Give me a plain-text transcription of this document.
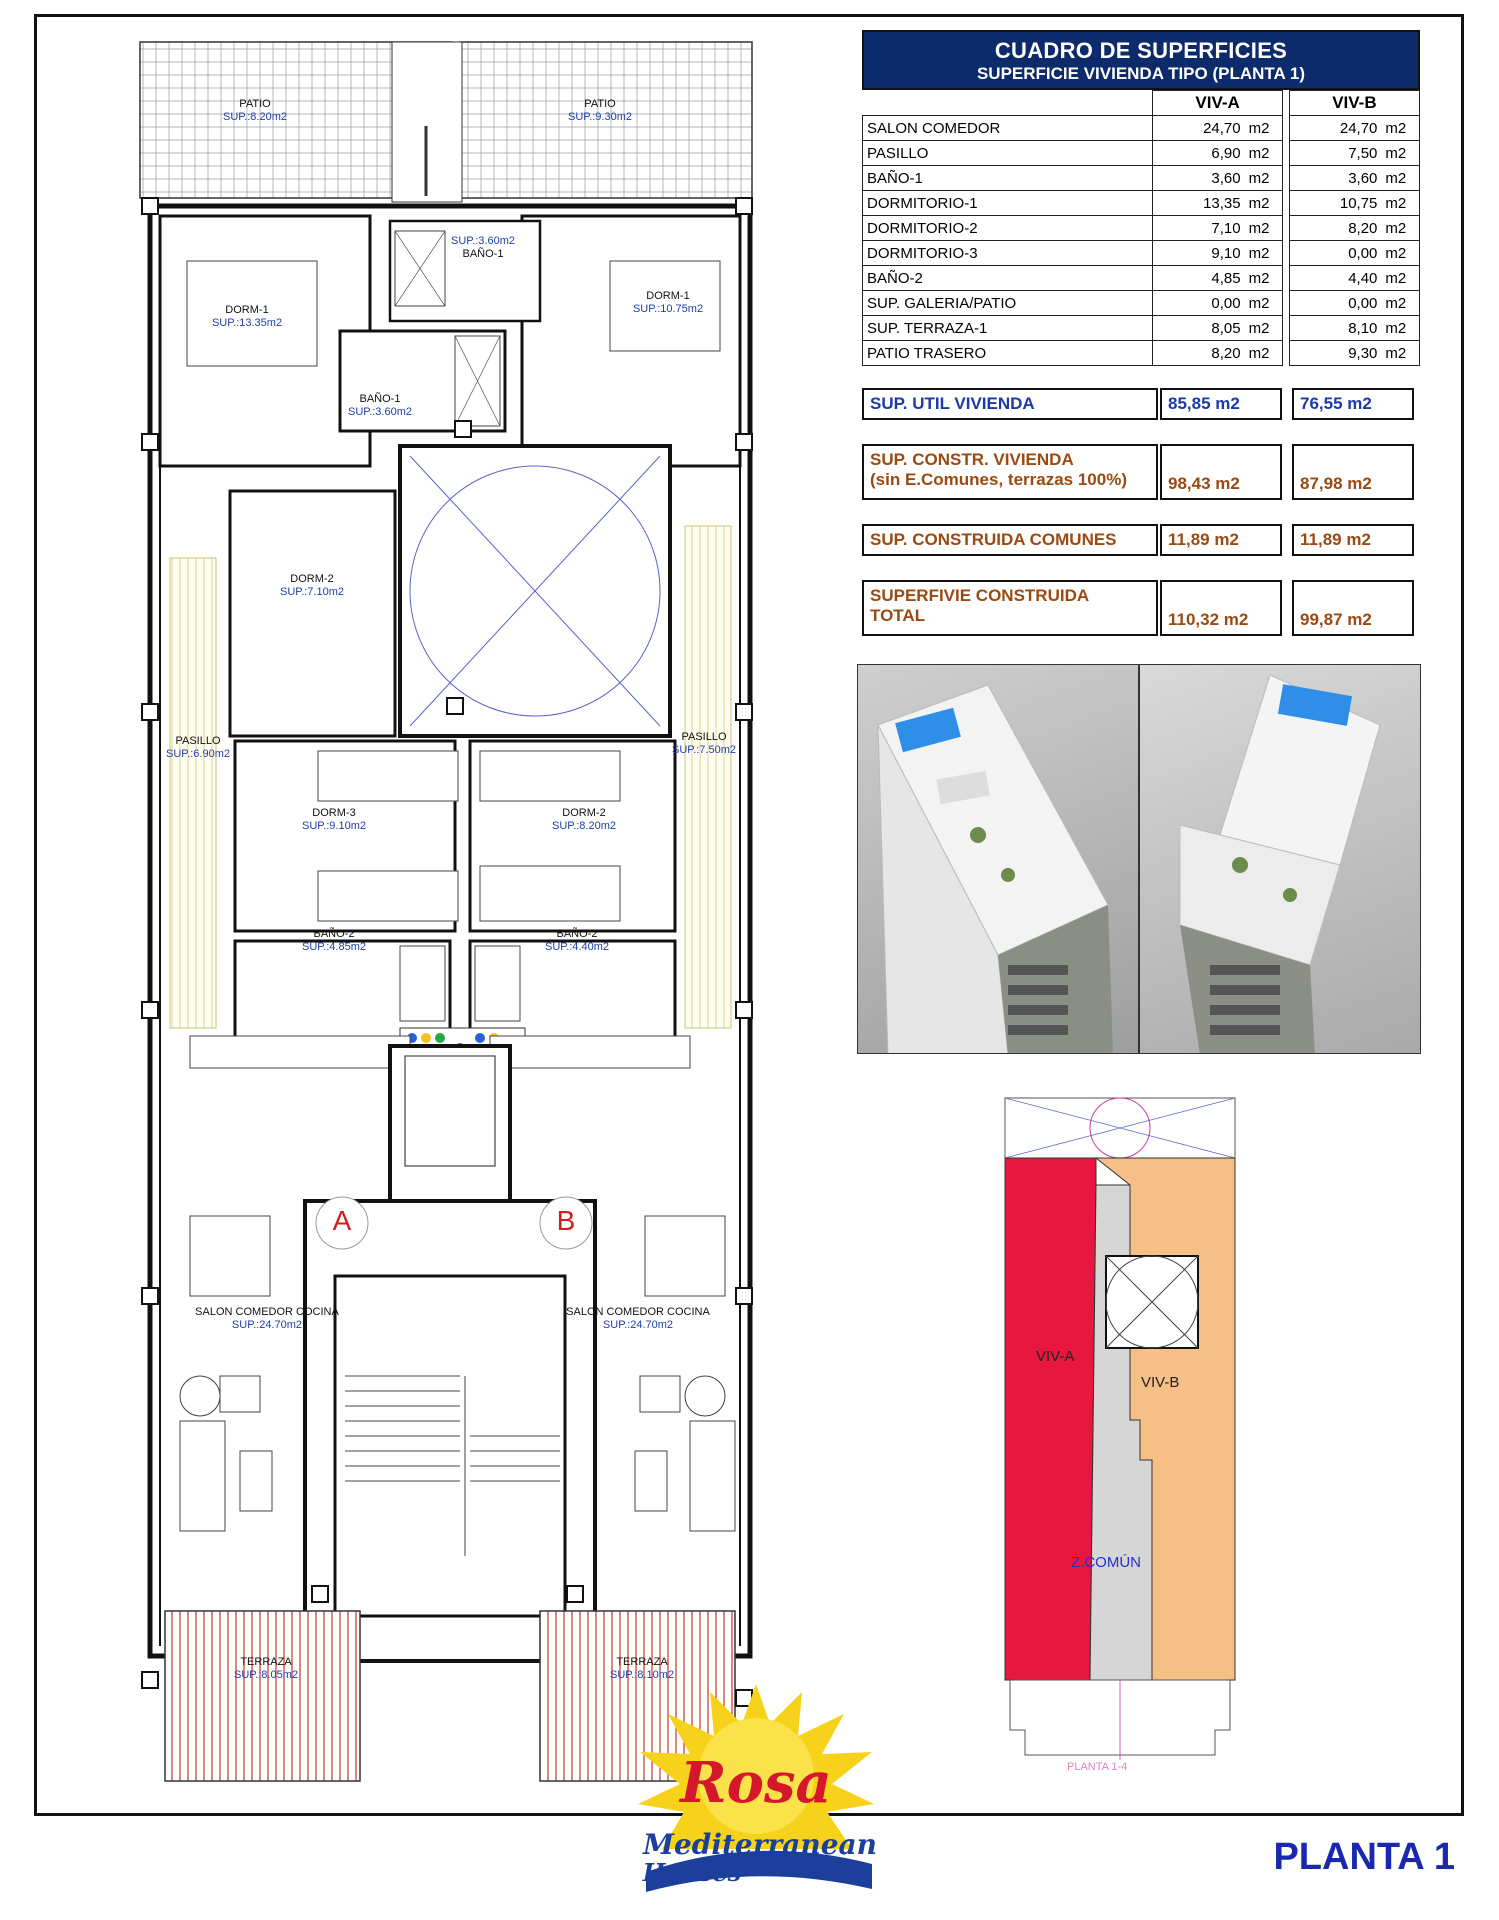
PATIO
SUP.:8.20m2
PATIO
SUP.:9.30m2
DORM-1
SUP.:13.35m2
SUP.:3.60m2
BAÑO-1
DORM-1
SUP.:10.75m2
BAÑO-1
SUP.:3.60m2
DORM-2
SUP.:7.10m2
PASILLO
SUP.:6.90m2
PASILLO
SUP.:7.50m2
DORM-3
SUP.:9.10m2
DORM-2
SUP.:8.20m2
BAÑO-2
SUP.:4.85m2
BAÑO-2
SUP.:4.40m2
SALON COMEDOR COCINA
SUP.:24.70m2
SALON COMEDOR COCINA
SUP.:24.70m2
TERRAZA
SUP.:8.05m2
TERRAZA
SUP.:8.10m2
A	B
CUADRO DE SUPERFICIES
SUPERFICIE VIVIENDA TIPO (PLANTA 1)
	VIV-A			VIV-B	
SALON COMEDOR	24,70	m2		24,70	m2
PASILLO	6,90	m2		7,50	m2
BAÑO-1	3,60	m2		3,60	m2
DORMITORIO-1	13,35	m2		10,75	m2
DORMITORIO-2	7,10	m2		8,20	m2
DORMITORIO-3	9,10	m2		0,00	m2
BAÑO-2	4,85	m2		4,40	m2
SUP. GALERIA/PATIO	0,00	m2		0,00	m2
SUP. TERRAZA-1	8,05	m2		8,10	m2
PATIO TRASERO	8,20	m2		9,30	m2
SUP. UTIL VIVIENDA	85,85 m2	76,55 m2
SUP. CONSTR. VIVIENDA
(sin E.Comunes, terrazas 100%)	98,43 m2	87,98 m2
SUP. CONSTRUIDA COMUNES	11,89 m2	11,89 m2
SUPERFIVIE CONSTRUIDA
TOTAL	110,32 m2	99,87 m2
VIV-A
VIV-B
Z.COMÚN
PLANTA 1-4
Rosa
Mediterranean
Houses	PLANTA 1
